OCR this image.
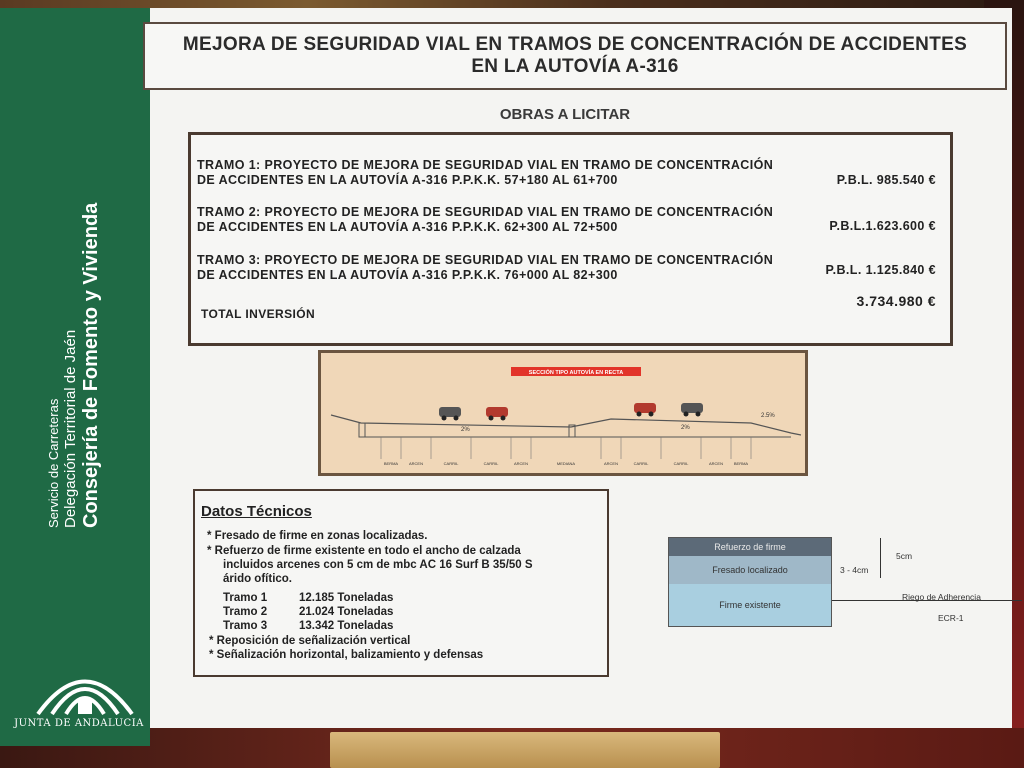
Servicio de Carreteras Delegación Territorial de Jaén Consejería de Fomento y Vivienda
JUNTA DE ANDALUCIA
MEJORA DE SEGURIDAD VIAL EN TRAMOS DE CONCENTRACIÓN DE ACCIDENTES
EN LA AUTOVÍA A-316
OBRAS A LICITAR
TRAMO 1: PROYECTO DE MEJORA DE SEGURIDAD VIAL EN TRAMO DE CONCENTRACIÓN
DE ACCIDENTES EN LA AUTOVÍA A-316 P.P.K.K. 57+180 AL 61+700	P.B.L. 985.540 €
TRAMO 2: PROYECTO DE MEJORA DE SEGURIDAD VIAL EN TRAMO DE CONCENTRACIÓN
DE ACCIDENTES EN LA AUTOVÍA A-316 P.P.K.K. 62+300 AL 72+500	P.B.L.1.623.600 €
TRAMO 3: PROYECTO DE MEJORA DE SEGURIDAD VIAL EN TRAMO DE CONCENTRACIÓN
DE ACCIDENTES EN LA AUTOVÍA A-316 P.P.K.K. 76+000 AL 82+300	P.B.L. 1.125.840 €
TOTAL INVERSIÓN
3.734.980 €
SECCIÓN TIPO AUTOVÍA EN RECTA
2%	2%
2.5%
BERMA	ARCEN	CARRIL	CARRIL	ARCEN	MEDIANA	ARCEN	CARRIL	CARRIL	ARCEN	BERMA
Datos Técnicos
* Fresado de firme en zonas localizadas.
* Refuerzo de firme existente en todo el ancho de calzada
incluidos arcenes con 5 cm de mbc AC 16 Surf B 35/50 S
árido ofítico.
Tramo 1	12.185 Toneladas
Tramo 2	21.024 Toneladas
Tramo 3	13.342 Toneladas
* Reposición de señalización vertical
* Señalización horizontal, balizamiento y defensas
Refuerzo de firme
Fresado localizado
Firme existente
5cm
3 - 4cm
Riego de Adherencia
ECR-1
